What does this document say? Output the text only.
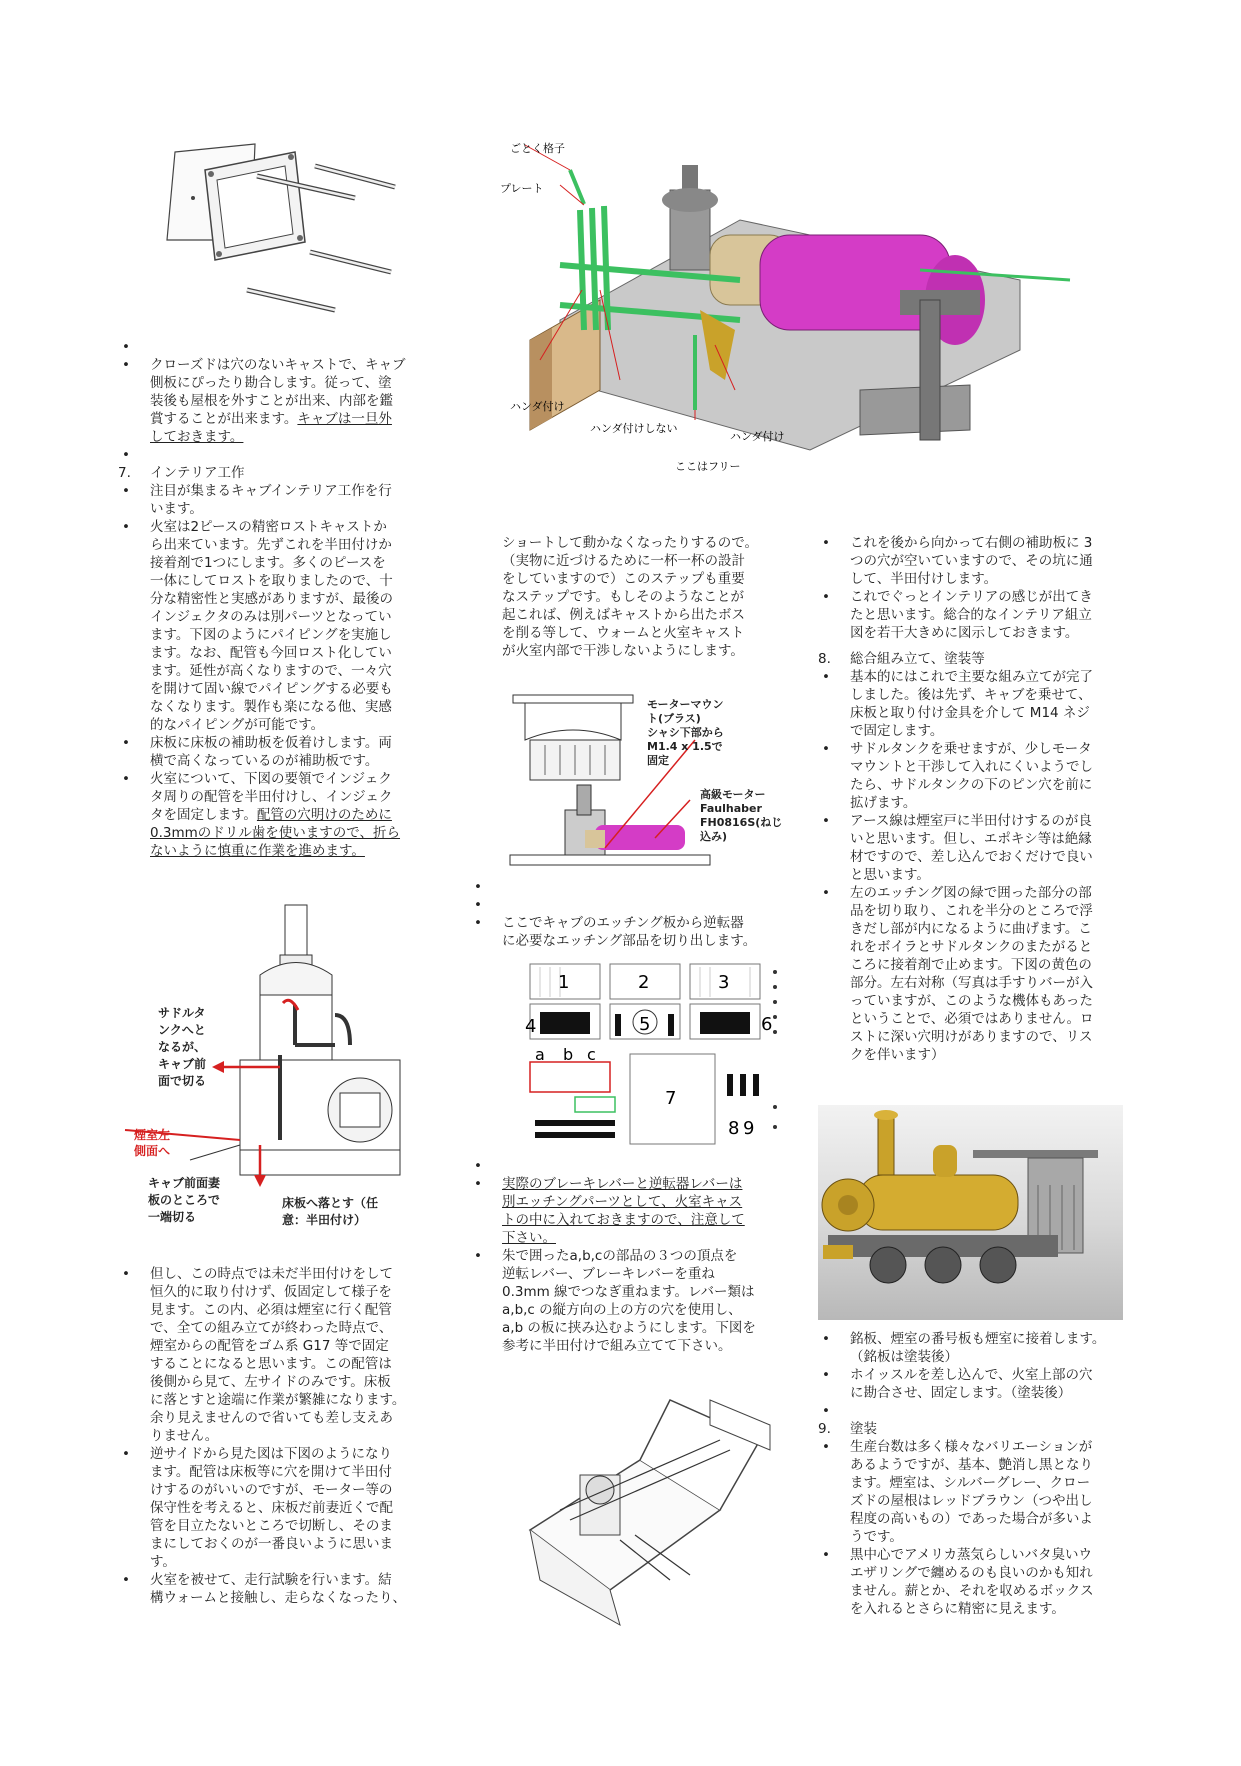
ごとく格子
プレート
ハンダ付け
ハンダ付けしない
ハンダ付け
ここはフリー
•

• クローズドは穴のないキャストで、キャブ
側板にぴったり勘合します。従って、塗
装後も屋根を外すことが出来、内部を鑑
賞することが出来ます。キャブは一旦外
しておきます。
•

7. インテリア工作
• 注目が集まるキャブインテリア工作を行
います。
• 火室は2ピースの精密ロストキャストか
ら出来ています。先ずこれを半田付けか
接着剤で1つにします。多くのピースを
一体にしてロストを取りましたので、十
分な精密性と実感がありますが、最後の
インジェクタのみは別パーツとなってい
ます。下図のようにパイピングを実施し
ます。なお、配管も今回ロスト化してい
ます。延性が高くなりますので、一々穴
を開けて固い線でパイピングする必要も
なくなります。製作も楽になる他、実感
的なパイピングが可能です。
• 床板に床板の補助板を仮着けします。両
横で高くなっているのが補助板です。
• 火室について、下図の要領でインジェク
タ周りの配管を半田付けし、インジェク
タを固定します。配管の穴明けのために
0.3mmのドリル歯を使いますので、折ら
ないように慎重に作業を進めます。
サドルタ
ンクへと
なるが、
キャブ前
面で切る
煙室左
側面へ
キャブ前面妻
板のところで
一端切る
床板へ落とす（任
意：半田付け）
• 但し、この時点では未だ半田付けをして
恒久的に取り付けず、仮固定して様子を
見ます。この内、必須は煙室に行く配管
で、全ての組み立てが終わった時点で、
煙室からの配管をゴム系 G17 等で固定
することになると思います。この配管は
後側から見て、左サイドのみです。床板
に落とすと途端に作業が繁雑になります。
余り見えませんので省いても差し支えあ
りません。
• 逆サイドから見た図は下図のようになり
ます。配管は床板等に穴を開けて半田付
けするのがいいのですが、モーター等の
保守性を考えると、床板だ前妻近くで配
管を目立たないところで切断し、そのま
まにしておくのが一番良いように思いま
す。
• 火室を被せて、走行試験を行います。結
構ウォームと接触し、走らなくなったり、
ショートして動かなくなったりするので。
（実物に近づけるために一杯一杯の設計
をしていますので）このステップも重要
なステップです。もしそのようなことが
起これば、例えばキャストから出たボス
を削る等して、ウォームと火室キャスト
が火室内部で干渉しないようにします。
モーターマウン
ト(ブラス)
シャシ下部から
M1.4 x 1.5で
固定
高級モーター
Faulhaber
FH0816S(ねじ
込み)
•

•

• ここでキャブのエッチング板から逆転器
に必要なエッチング部品を切り出します。
1	2	3
4	5	6
7
8 9
a b c
•

• 実際のブレーキレバーと逆転器レバーは
別エッチングパーツとして、火室キャス
トの中に入れておきますので、注意して
下さい。
• 朱で囲ったa,b,cの部品の３つの頂点を
逆転レバー、ブレーキレバーを重ね
0.3mm 線でつなぎ重ねます。レバー類は
a,b,c の縦方向の上の方の穴を使用し、
a,b の板に挟み込むようにします。下図を
参考に半田付けで組み立てて下さい。
• これを後から向かって右側の補助板に 3
つの穴が空いていますので、その坑に通
して、半田付けします。
• これでぐっとインテリアの感じが出てき
たと思います。総合的なインテリア組立
図を若干大きめに図示しておきます。
8. 総合組み立て、塗装等
• 基本的にはこれで主要な組み立てが完了
しました。後は先ず、キャブを乗せて、
床板と取り付け金具を介して M14 ネジ
で固定します。
• サドルタンクを乗せますが、少しモータ
マウントと干渉して入れにくいようでし
たら、サドルタンクの下のピン穴を前に
拡げます。
• アース線は煙室戸に半田付けするのが良
いと思います。但し、エポキシ等は絶縁
材ですので、差し込んでおくだけで良い
と思います。
• 左のエッチング図の緑で囲った部分の部
品を切り取り、これを半分のところで浮
きだし部が内になるように曲げます。こ
れをボイラとサドルタンクのまたがると
ころに接着剤で止めます。下図の黄色の
部分。左右対称（写真は手すりバーが入
っていますが、このような機体もあった
ということで、必須ではありません。ロ
ストに深い穴明けがありますので、リス
クを伴います）
• 銘板、煙室の番号板も煙室に接着します。
（銘板は塗装後）
• ホイッスルを差し込んで、火室上部の穴
に勘合させ、固定します。（塗装後）
•

9. 塗装
• 生産台数は多く様々なバリエーションが
あるようですが、基本、艶消し黒となり
ます。煙室は、シルバーグレー、クロー
ズドの屋根はレッドブラウン（つや出し
程度の高いもの）であった場合が多いよ
うです。
• 黒中心でアメリカ蒸気らしいバタ臭いウ
エザリングで纏めるのも良いのかも知れ
ません。薪とか、それを収めるボックス
を入れるとさらに精密に見えます。
